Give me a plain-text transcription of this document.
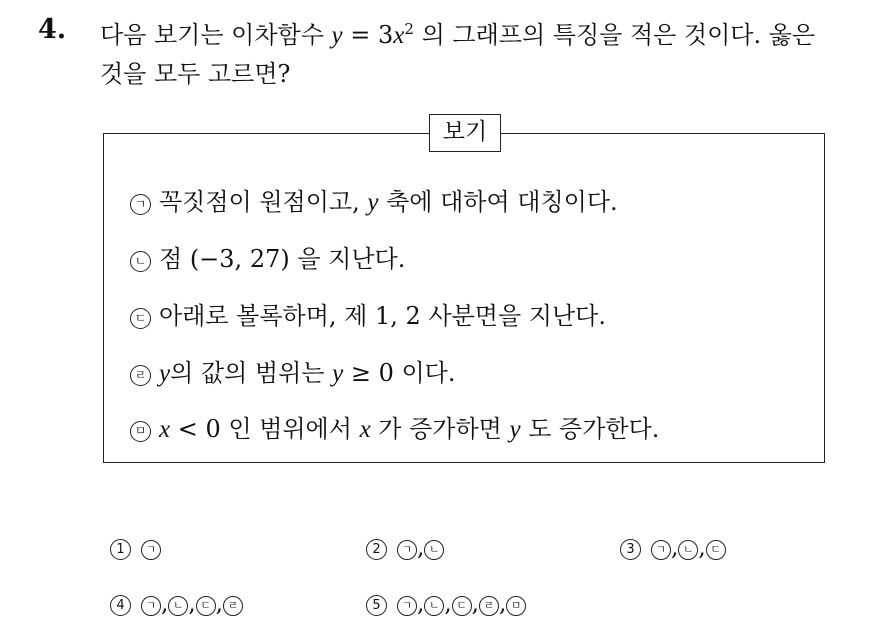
4. 다음 보기는 이차함수 $y = 3x^2$ 의 그래프의 특징을 적은 것이다. 옳은
것을 모두 고르면?
보기
ㄱ 꼭짓점이 원점이고, y 축에 대하여 대칭이다.
ㄴ 점 (−3, 27) 을 지난다.
ㄷ 아래로 볼록하며, 제 1, 2 사분면을 지난다.
ㄹ y의 값의 범위는 y ≥ 0 이다.
ㅁ x < 0 인 범위에서 x 가 증가하면 y 도 증가한다.
1 ㄱ	2 ㄱ , ㄴ	3 ㄱ , ㄴ , ㄷ
4 ㄱ , ㄴ , ㄷ , ㄹ	5 ㄱ , ㄴ , ㄷ , ㄹ , ㅁ
